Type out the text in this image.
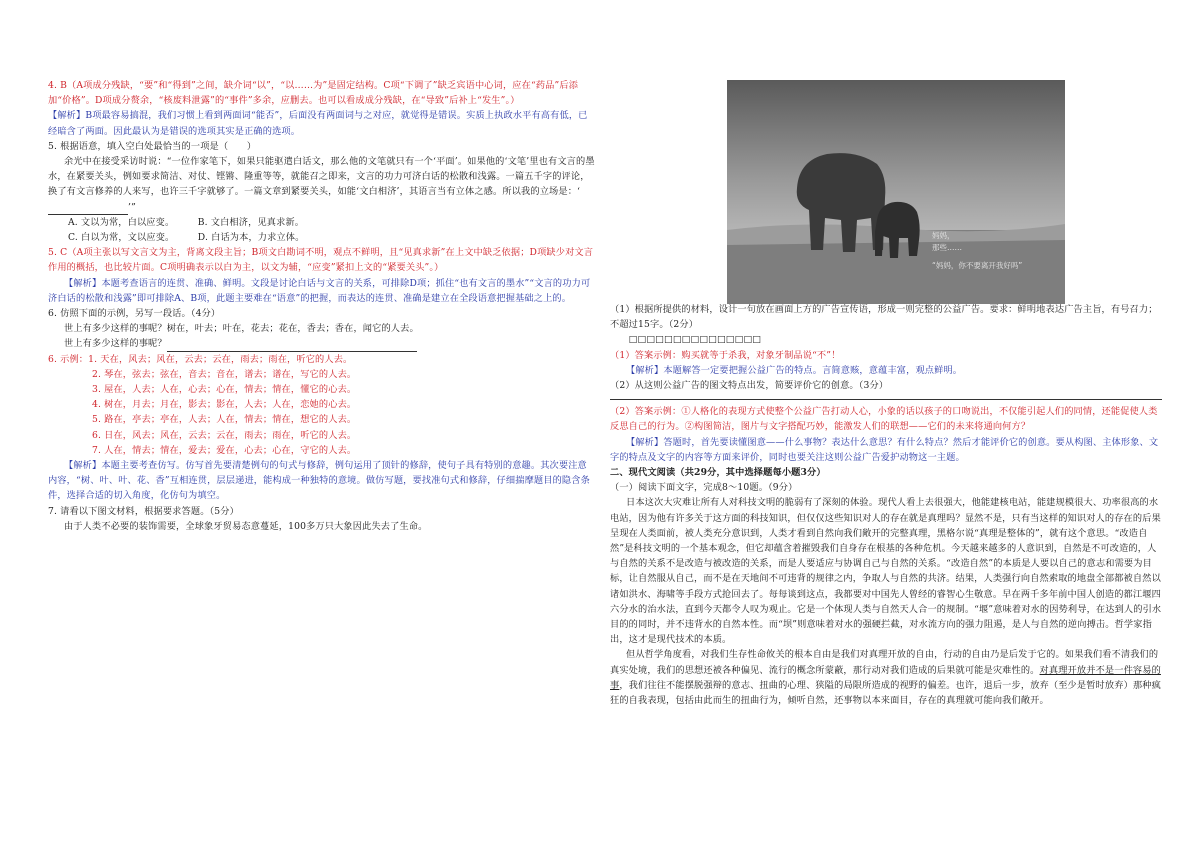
4. B（A项成分残缺，“要”和“得到”之间，缺介词“以”，“以……为”是固定结构。C项“下调了”缺乏宾语中心词，应在“药品”后添加“价格”。D项成分赘余，“核废料泄露”的“事件”多余，应删去。也可以看成成分残缺，在“导致”后补上“发生”。）

【解析】B项最容易搞混，我们习惯上看到两面词“能否”，后面没有两面词与之对应，就觉得是错误。实质上执政水平有高有低，已经暗含了两面。因此最认为是错误的选项其实是正确的选项。

5. 根据语意，填入空白处最恰当的一项是（　　）

余光中在接受采访时说：“一位作家笔下，如果只能驱遣白话文，那么他的文笔就只有一个‘平面’。如果他的‘文笔’里也有文言的墨水，在紧要关头，例如要求简洁、对仗、铿锵、隆重等等，就能召之即来，文言的功力可济白话的松散和浅露。一篇五千字的评论，换了有文言修养的人来写，也许三千字就够了。一篇文章到紧要关头，如能‘文白相济’，其语言当有立体之感。所以我的立场是：‘’”

A. 文以为常，白以应变。　　　B. 文白相济，见真求新。

C. 白以为常，文以应变。　　　D. 白话为本，力求立体。

5. C（A项主张以写文言文为主，背离文段主旨；B项文白勘词不明，观点不鲜明，且“见真求新”在上文中缺乏依据；D项缺少对文言作用的概括，也比较片面。C项明确表示以白为主，以文为辅，“应变”紧扣上文的“紧要关头”。）

【解析】本题考查语言的连贯、准确、鲜明。文段是讨论白话与文言的关系，可排除D项；抓住“也有文言的墨水”“文言的功力可济白话的松散和浅露”即可排除A、B项，此题主要难在“语意”的把握，而表达的连贯、准确是建立在全段语意把握基础之上的。

6. 仿照下面的示例，另写一段话。（4分）

世上有多少这样的事呢？树在，叶去；叶在，花去；花在，香去；香在，闻它的人去。

世上有多少这样的事呢？

6. 示例：1. 天在，风去；风在，云去；云在，雨去；雨在，听它的人去。

2. 琴在，弦去；弦在，音去；音在，谱去；谱在，写它的人去。

3. 屋在，人去；人在，心去；心在，情去；情在，懂它的心去。

4. 树在，月去；月在，影去；影在，人去；人在，恋她的心去。

5. 路在，亭去；亭在，人去；人在，情去；情在，想它的人去。

6. 日在，风去；风在，云去；云在，雨去；雨在，听它的人去。

7. 人在，情去；情在，爱去；爱在，心去；心在，守它的人去。

【解析】本题主要考查仿写。仿写首先要清楚例句的句式与修辞，例句运用了顶针的修辞，使句子具有特别的意趣。其次要注意内容，“树、叶、叶、花、香”互相连贯，层层递进，能构成一种独特的意境。做仿写题，要找准句式和修辞，仔细揣摩题目的隐含条件，选择合适的切入角度，化仿句为填空。

7. 请看以下图文材料，根据要求答题。（5分）

由于人类不必要的装饰需要，全球象牙贸易态意蔓延，100多万只大象因此失去了生命。

妈妈，
那些……
“妈妈，你不要离开我好吗”

（1）根据所提供的材料，设计一句放在画面上方的广告宣传语，形成一则完整的公益广告。要求：鲜明地表达广告主旨，有号召力；不超过15字。（2分）

　　□□□□□□□□□□□□□□□

（1）答案示例：购买就等于杀我，对象牙制品说“不”！

【解析】本题解答一定要把握公益广告的特点。言简意赅，意蕴丰富，观点鲜明。

（2）从这则公益广告的图文特点出发，简要评价它的创意。（3分）

（2）答案示例：①人格化的表现方式使整个公益广告打动人心，小象的话以孩子的口吻说出，不仅能引起人们的同情，还能促使人类反思自己的行为。②构图简洁，图片与文字搭配巧妙，能激发人们的联想——它们的未来将通向何方？

【解析】答题时，首先要读懂图意——什么事物？表达什么意思？有什么特点？然后才能评价它的创意。要从构图、主体形象、文字的特点及文字的内容等方面来评价，同时也要关注这则公益广告爱护动物这一主题。

二、现代文阅读（共29分，其中选择题每小题3分）

（一）阅读下面文字，完成8～10题。（9分）

日本这次大灾难让所有人对科技文明的脆弱有了深刻的体验。现代人看上去很强大，他能建核电站，能建规模很大、功率很高的水电站，因为他有许多关于这方面的科技知识，但仅仅这些知识对人的存在就是真理吗？显然不是，只有当这样的知识对人的存在的后果呈现在人类面前，被人类充分意识到，人类才看到自然向我们敞开的完整真理，黑格尔说“真理是整体的”，就有这个意思。“改造自然”是科技文明的一个基本观念，但它却蕴含着摧毁我们自身存在根基的各种危机。今天越来越多的人意识到，自然是不可改造的，人与自然的关系不是改造与被改造的关系，而是人要适应与协调自己与自然的关系。“改造自然”的本质是人要以自己的意志和需要为目标，让自然服从自己，而不是在天地间不可违背的规律之内，争取人与自然的共济。结果，人类强行向自然索取的地盘全部都被自然以诸如洪水、海啸等手段方式抢回去了。每每谈到这点，我都要对中国先人曾经的睿智心生敬意。早在两千多年前中国人创造的都江堰四六分水的治水法，直到今天都令人叹为观止。它是一个体现人类与自然天人合一的规制。“堰”意味着对水的因势利导，在达到人的引水目的的同时，并不违背水的自然本性。而“坝”则意味着对水的强硬拦截，对水流方向的强力阻遏，是人与自然的逆向搏击。哲学家指出，这才是现代技术的本质。

但从哲学角度看，对我们生存性命攸关的根本自由是我们对真理开放的自由，行动的自由乃是后发于它的。如果我们看不清我们的真实处境，我们的思想还被各种偏见、流行的概念所蒙蔽，那行动对我们造成的后果就可能是灾难性的。对真理开放并不是一件容易的事，我们往往不能摆脱强辩的意志、扭曲的心理、狭隘的局限所造成的视野的偏差。也许，退后一步，放弃（至少是暂时放弃）那种疯狂的自我表现，包括由此而生的扭曲行为，倾听自然，还事物以本来面目，存在的真理就可能向我们敞开。
